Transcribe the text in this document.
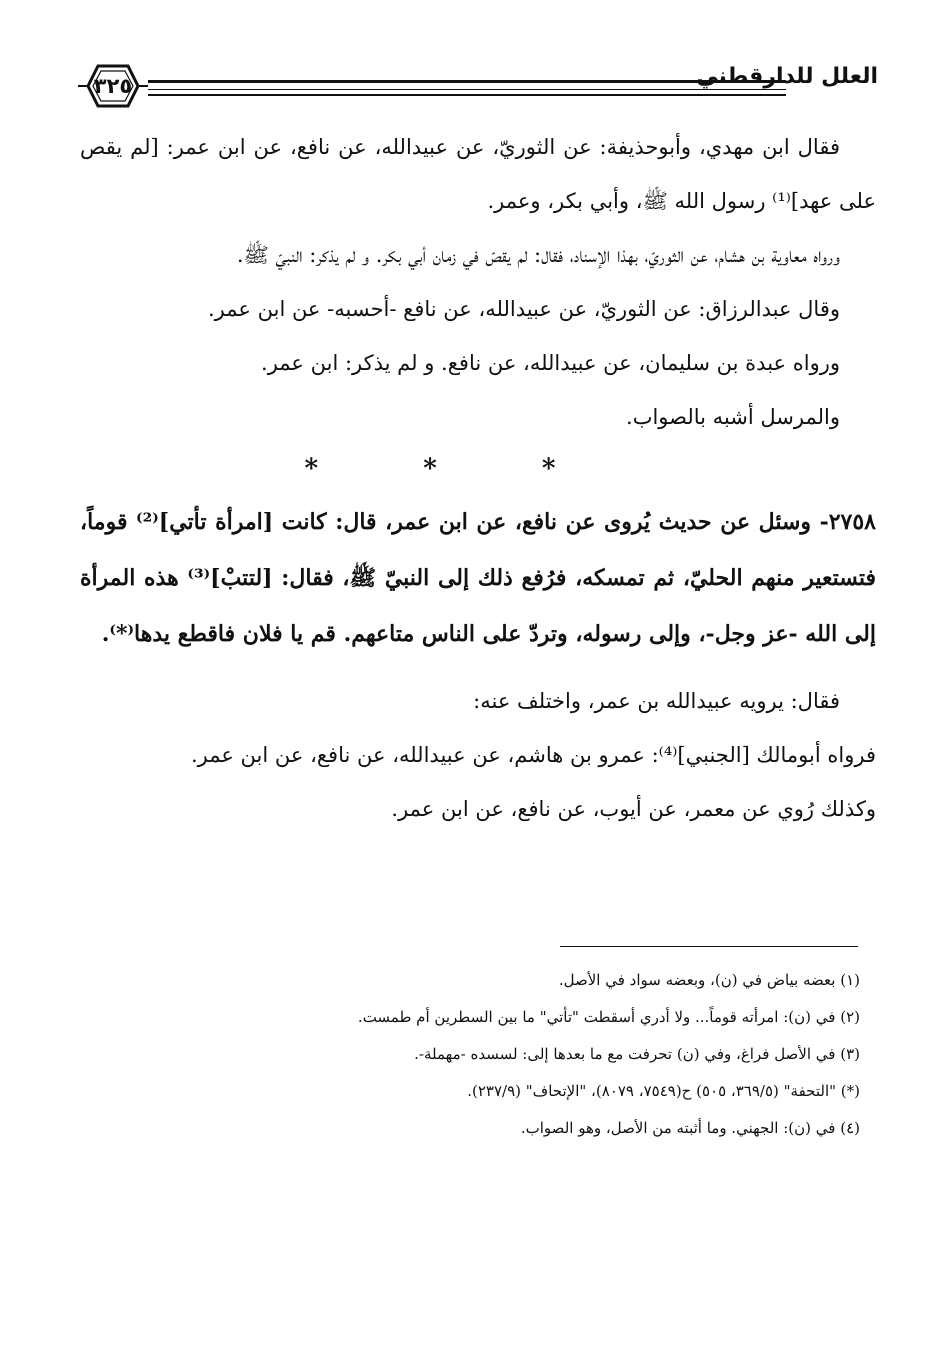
٣٢٥	العلل للدارقطني

فقال ابن مهدي، وأبوحذيفة: عن الثوريّ، عن عبيدالله، عن نافع، عن ابن عمر: [لم يقص على عهد]⁽¹⁾ رسول الله ﷺ، وأبي بكر، وعمر.

ورواه معاوية بن هشام، عن الثوريّ، بهذا الإسناد، فقال: لم يقصّ في زمان أبي بكر. و لم يذكر: النبيّ ﷺ.

وقال عبدالرزاق: عن الثوريّ، عن عبيدالله، عن نافع -أحسبه- عن ابن عمر.

ورواه عبدة بن سليمان، عن عبيدالله، عن نافع. و لم يذكر: ابن عمر.

والمرسل أشبه بالصواب.

* * *

٢٧٥٨- وسئل عن حديث يُروى عن نافع، عن ابن عمر، قال: كانت [امرأة تأتي]⁽²⁾ قوماً، فتستعير منهم الحليّ، ثم تمسكه، فرُفع ذلك إلى النبيّ ﷺ، فقال: [لتتبْ]⁽³⁾ هذه المرأة إلى الله -عز وجل-، وإلى رسوله، وتردّ على الناس متاعهم. قم يا فلان فاقطع يدها⁽*⁾.

فقال: يرويه عبيدالله بن عمر، واختلف عنه:

فرواه أبومالك [الجنبي]⁽⁴⁾: عمرو بن هاشم، عن عبيدالله، عن نافع، عن ابن عمر.

وكذلك رُوي عن معمر، عن أيوب، عن نافع، عن ابن عمر.

(١) بعضه بياض في (ن)، وبعضه سواد في الأصل.

(٢) في (ن): امرأته قوماً... ولا أدري أسقطت "تأتي" ما بين السطرين أم طمست.

(٣) في الأصل فراغ، وفي (ن) تحرفت مع ما بعدها إلى: لسسده -مهملة-.

(*) "التحفة" (٣٦٩/٥، ٥٠٥) ح(٧٥٤٩، ٨٠٧٩)، "الإتحاف" (٢٣٧/٩).

(٤) في (ن): الجهني. وما أثبته من الأصل، وهو الصواب.
